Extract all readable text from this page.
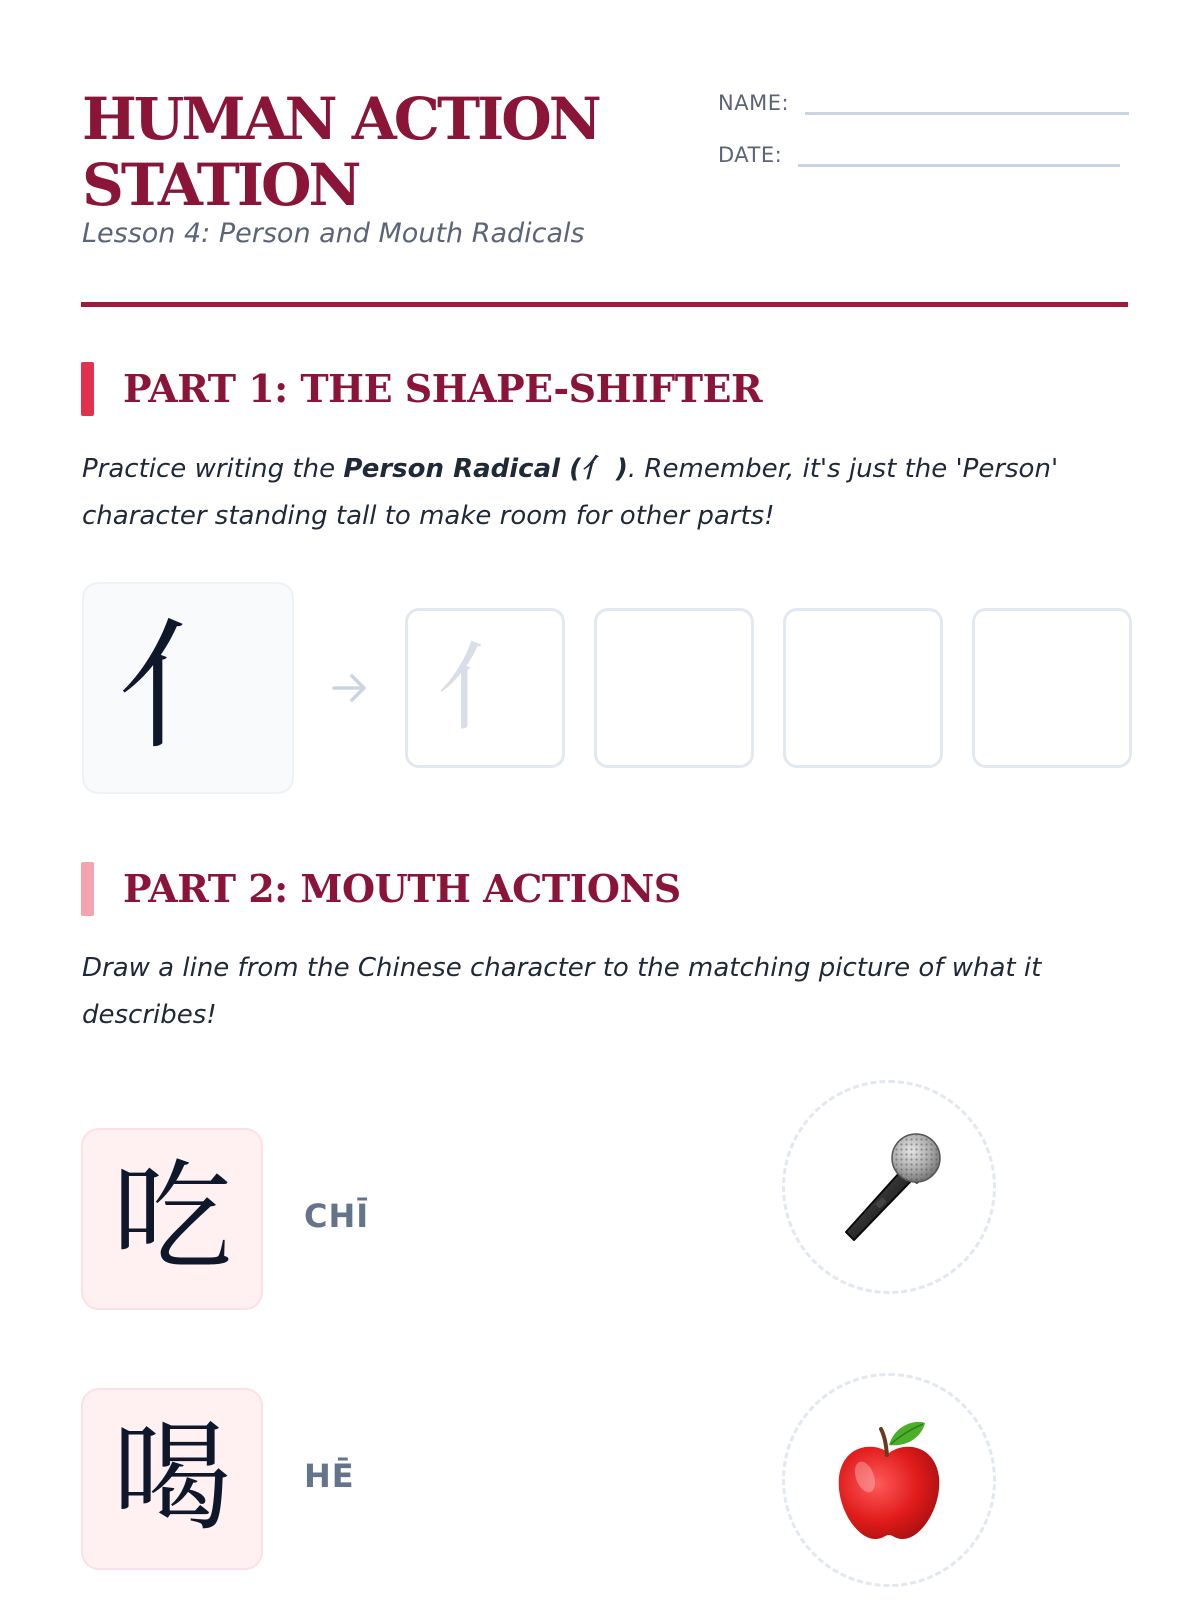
HUMAN ACTION
STATION
Lesson 4: Person and Mouth Radicals
NAME:
DATE:
PART 1: THE SHAPE-SHIFTER

Practice writing the Person Radical (亻 ). Remember, it's just the 'Person' character standing tall to make room for other parts!

亻 亻
PART 2: MOUTH ACTIONS

Draw a line from the Chinese character to the matching picture of what it describes!

吃 CHĪ
喝 HĒ
